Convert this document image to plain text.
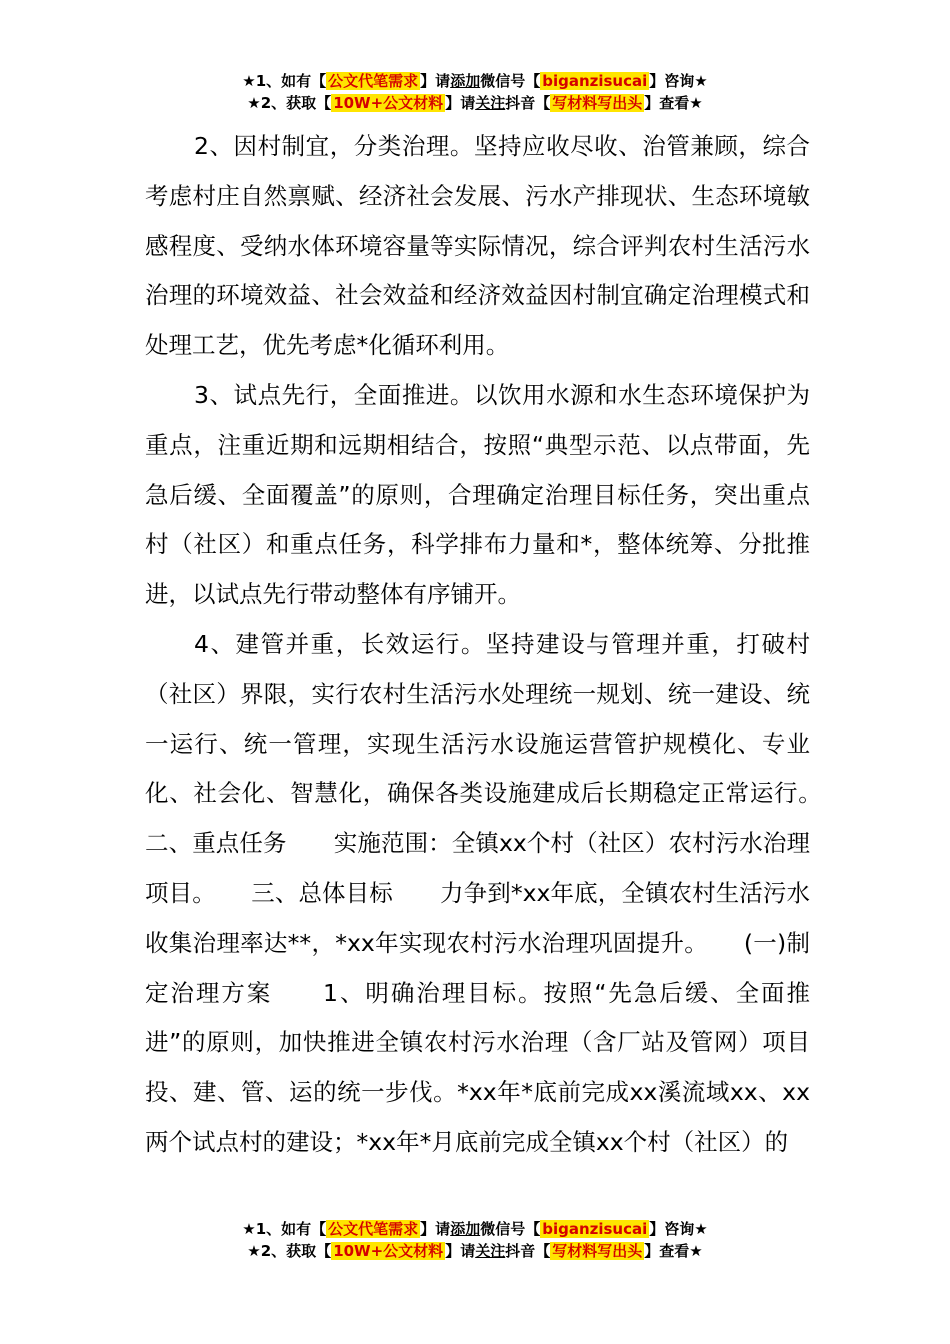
★1、如有【 公文代笔需求 】请添加微信号【 biganzisucai 】咨询★
★2、获取【 10W+公文材料 】请关注抖音【 写材料写出头 】查看★

2、因村制宜，分类治理。坚持应收尽收、治管兼顾，综合考虑村庄自然禀赋、经济社会发展、污水产排现状、生态环境敏感程度、受纳水体环境容量等实际情况，综合评判农村生活污水治理的环境效益、社会效益和经济效益因村制宜确定治理模式和处理工艺，优先考虑*化循环利用。

3、试点先行，全面推进。以饮用水源和水生态环境保护为重点，注重近期和远期相结合，按照“典型示范、以点带面，先急后缓、全面覆盖”的原则，合理确定治理目标任务，突出重点村（社区）和重点任务，科学排布力量和*，整体统筹、分批推进，以试点先行带动整体有序铺开。

4、建管并重，长效运行。坚持建设与管理并重，打破村（社区）界限，实行农村生活污水处理统一规划、统一建设、统一运行、统一管理，实现生活污水设施运营管护规模化、专业化、社会化、智慧化，确保各类设施建成后长期稳定正常运行。　　二、重点任务　　实施范围：全镇xx个村（社区）农村污水治理项目。　　三、总体目标　　力争到*xx年底，全镇农村生活污水收集治理率达**，*xx年实现农村污水治理巩固提升。　　(一)制定治理方案　　1、明确治理目标。按照“先急后缓、全面推进”的原则，加快推进全镇农村污水治理（含厂站及管网）项目投、建、管、运的统一步伐。*xx年*底前完成xx溪流域xx、xx两个试点村的建设；*xx年*月底前完成全镇xx个村（社区）的

★1、如有【 公文代笔需求 】请添加微信号【 biganzisucai 】咨询★
★2、获取【 10W+公文材料 】请关注抖音【 写材料写出头 】查看★
